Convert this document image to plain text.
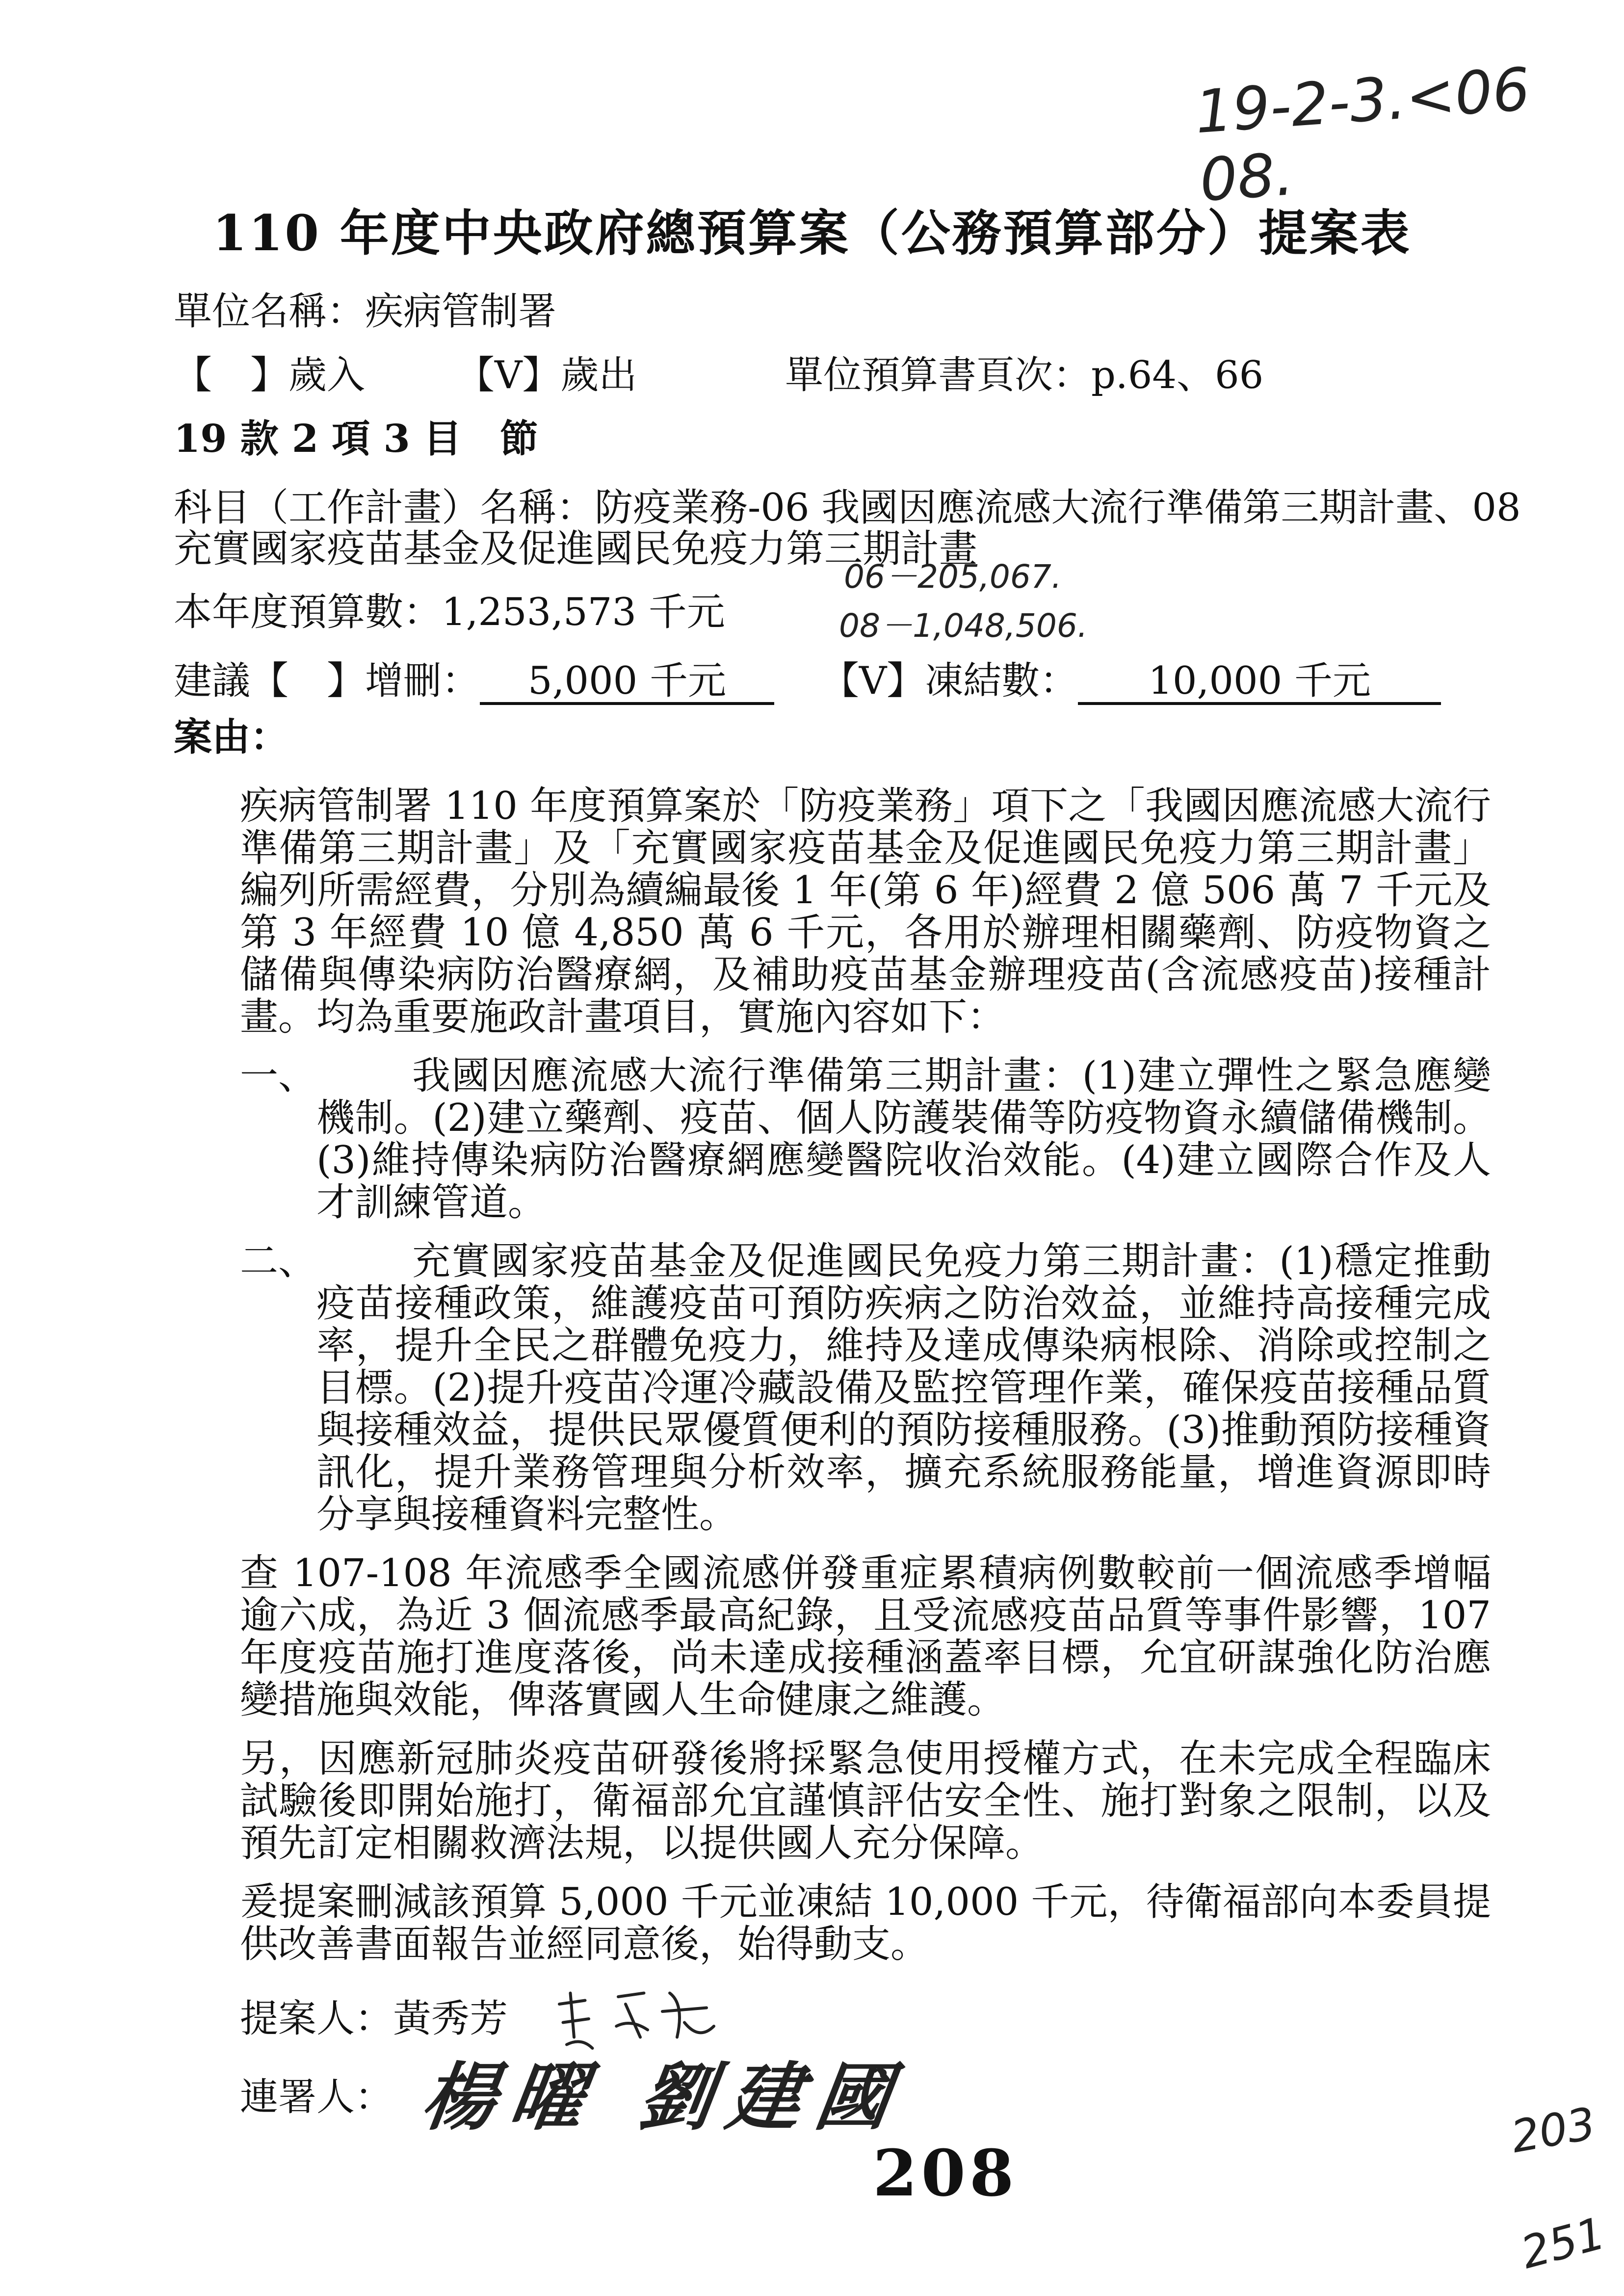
19-2-3.<06 08.
110 年度中央政府總預算案（公務預算部分）提案表
單位名稱：疾病管制署
【　】歲入 【V】歲出	單位預算書頁次：p.64、66
19 款 2 項 3 目　節
科目（工作計畫）名稱：防疫業務-06 我國因應流感大流行準備第三期計畫、08
充實國家疫苗基金及促進國民免疫力第三期計畫
本年度預算數：1,253,573 千元
06－205,067.
08－1,048,506.
建議【　】增刪： 5,000 千元 【V】凍結數： 10,000 千元
案由：
疾病管制署 110 年度預算案於「防疫業務」項下之「我國因應流感大流行準備第三期計畫」及「充實國家疫苗基金及促進國民免疫力第三期計畫」編列所需經費，分別為續編最後 1 年(第 6 年)經費 2 億 506 萬 7 千元及第 3 年經費 10 億 4,850 萬 6 千元，各用於辦理相關藥劑、防疫物資之儲備與傳染病防治醫療網，及補助疫苗基金辦理疫苗(含流感疫苗)接種計畫。均為重要施政計畫項目，實施內容如下：
一、	我國因應流感大流行準備第三期計畫：(1)建立彈性之緊急應變機制。(2)建立藥劑、疫苗、個人防護裝備等防疫物資永續儲備機制。(3)維持傳染病防治醫療網應變醫院收治效能。(4)建立國際合作及人才訓練管道。
二、	充實國家疫苗基金及促進國民免疫力第三期計畫：(1)穩定推動疫苗接種政策，維護疫苗可預防疾病之防治效益，並維持高接種完成率，提升全民之群體免疫力，維持及達成傳染病根除、消除或控制之目標。(2)提升疫苗冷運冷藏設備及監控管理作業，確保疫苗接種品質與接種效益，提供民眾優質便利的預防接種服務。(3)推動預防接種資訊化，提升業務管理與分析效率，擴充系統服務能量，增進資源即時分享與接種資料完整性。
查 107-108 年流感季全國流感併發重症累積病例數較前一個流感季增幅逾六成，為近 3 個流感季最高紀錄，且受流感疫苗品質等事件影響，107 年度疫苗施打進度落後，尚未達成接種涵蓋率目標，允宜研謀強化防治應變措施與效能，俾落實國人生命健康之維護。
另，因應新冠肺炎疫苗研發後將採緊急使用授權方式，在未完成全程臨床試驗後即開始施打，衛福部允宜謹慎評估安全性、施打對象之限制，以及預先訂定相關救濟法規，以提供國人充分保障。
爰提案刪減該預算 5,000 千元並凍結 10,000 千元，待衛福部向本委員提供改善書面報告並經同意後，始得動支。
提案人：黃秀芳
連署人： 楊曜 劉建國
208
203
251
